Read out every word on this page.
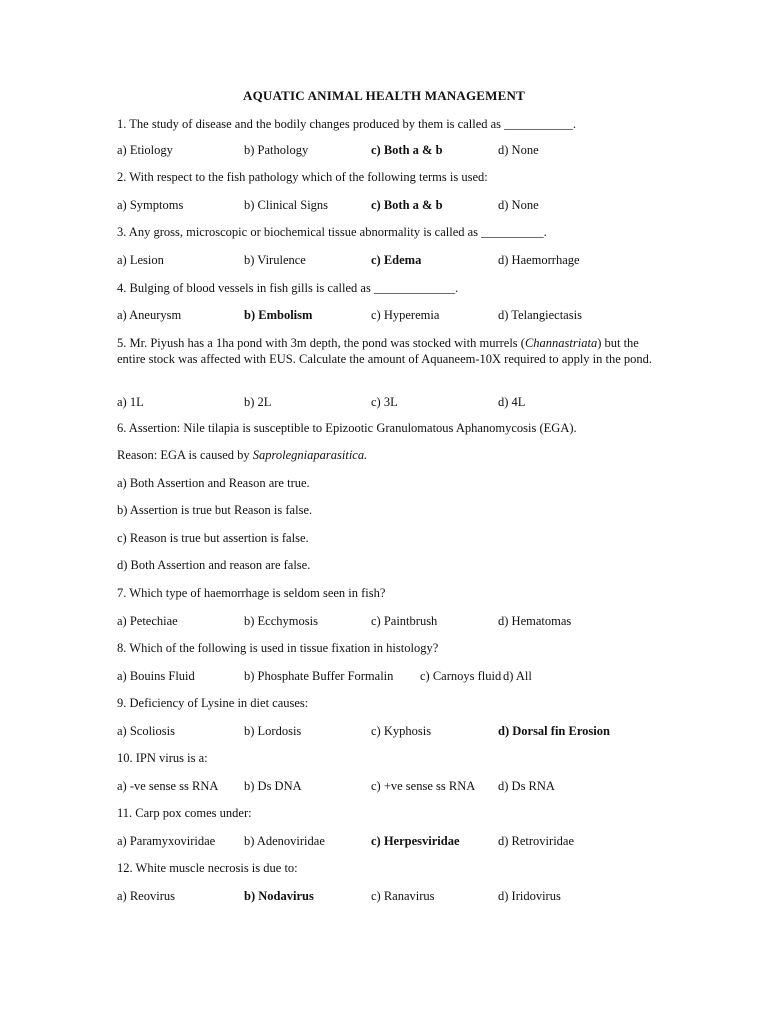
AQUATIC ANIMAL HEALTH MANAGEMENT
1. The study of disease and the bodily changes produced by them is called as ___________.
a) Etiology	b) Pathology	c) Both a & b	d) None
2. With respect to the fish pathology which of the following terms is used:
a) Symptoms	b) Clinical Signs	c) Both a & b	d) None
3. Any gross, microscopic or biochemical tissue abnormality is called as __________.
a) Lesion	b) Virulence	c) Edema	d) Haemorrhage
4. Bulging of blood vessels in fish gills is called as _____________.
a) Aneurysm	b) Embolism	c) Hyperemia	d) Telangiectasis
5. Mr. Piyush has a 1ha pond with 3m depth, the pond was stocked with murrels (Channastriata) but the entire stock was affected with EUS. Calculate the amount of Aquaneem-10X required to apply in the pond.
a) 1L	b) 2L	c) 3L	d) 4L
6. Assertion: Nile tilapia is susceptible to Epizootic Granulomatous Aphanomycosis (EGA).
Reason: EGA is caused by Saprolegniaparasitica.
a) Both Assertion and Reason are true.
b) Assertion is true but Reason is false.
c) Reason is true but assertion is false.
d) Both Assertion and reason are false.
7. Which type of haemorrhage is seldom seen in fish?
a) Petechiae	b) Ecchymosis	c) Paintbrush	d) Hematomas
8. Which of the following is used in tissue fixation in histology?
a) Bouins Fluid	b) Phosphate Buffer Formalin c) Carnoys fluid d) All
9. Deficiency of Lysine in diet causes:
a) Scoliosis	b) Lordosis	c) Kyphosis	d) Dorsal fin Erosion
10. IPN virus is a:
a) -ve sense ss RNA b) Ds DNA	c) +ve sense ss RNA d) Ds RNA
11. Carp pox comes under:
a) Paramyxoviridae b) Adenoviridae	c) Herpesviridae	d) Retroviridae
12. White muscle necrosis is due to:
a) Reovirus	b) Nodavirus	c) Ranavirus	d) Iridovirus
